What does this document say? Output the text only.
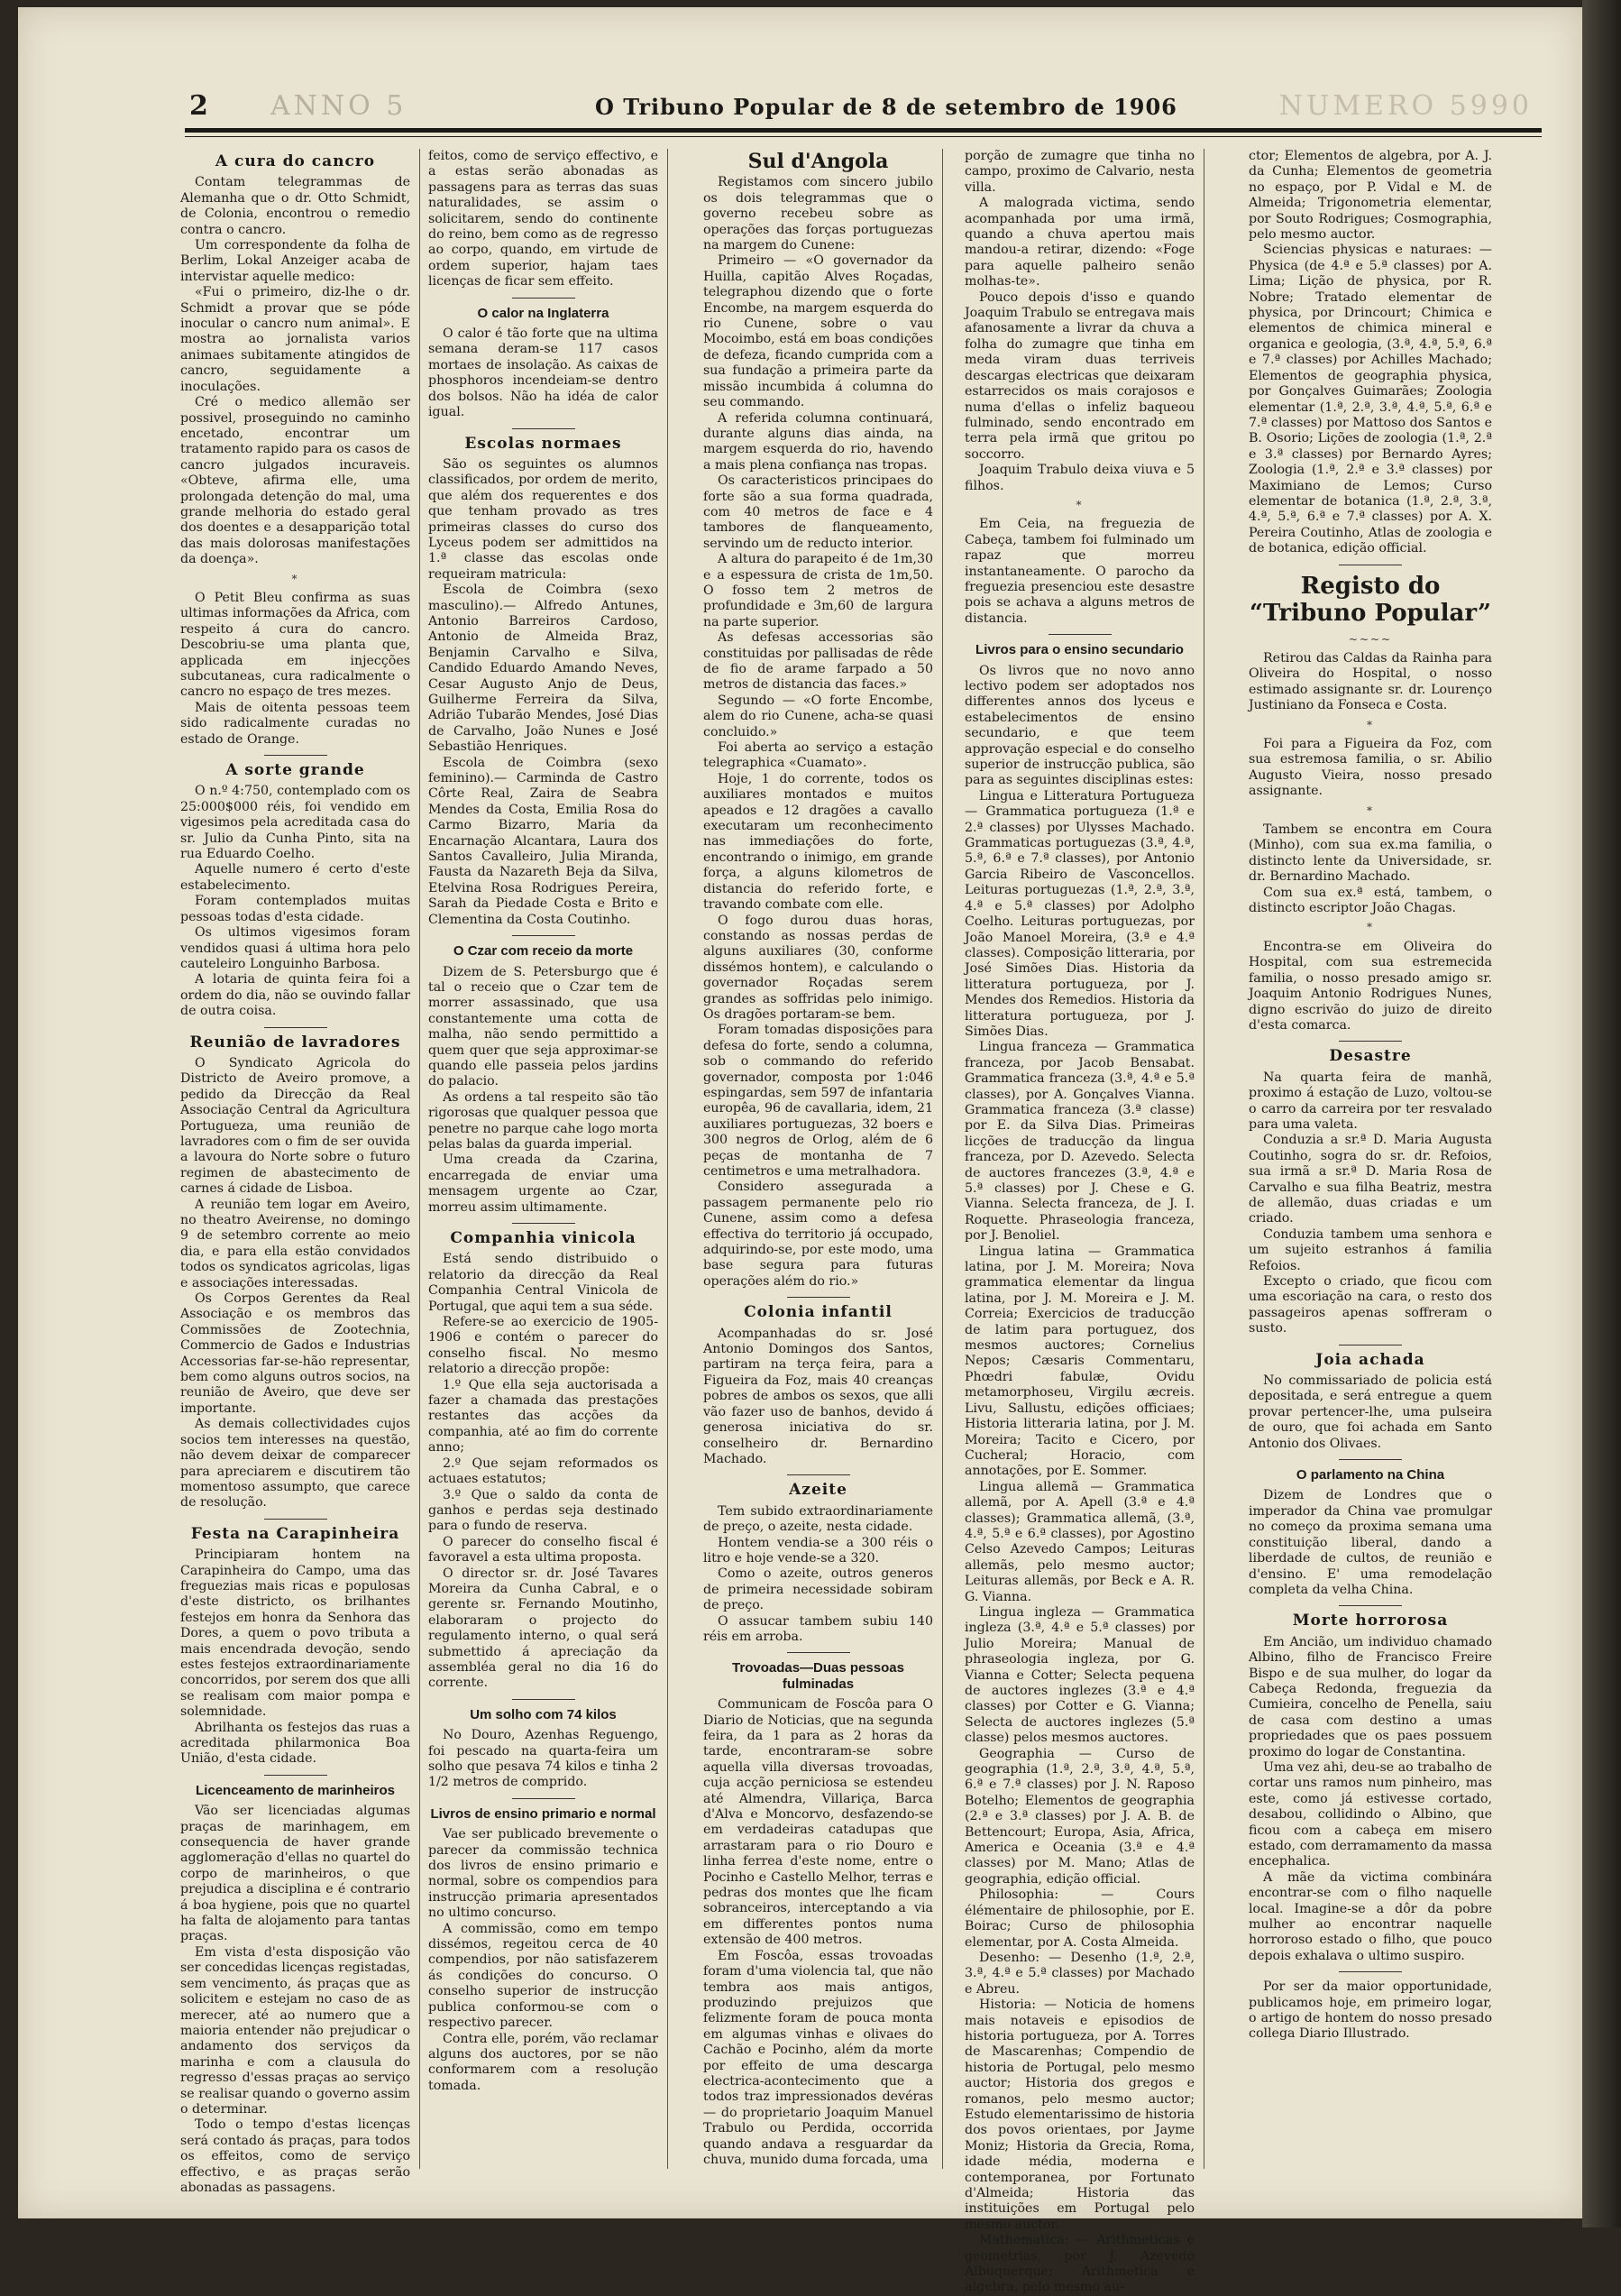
2 ANNO 5	O Tribuno Popular de 8 de setembro de 1906	NUMERO 5990
A cura do cancro

Contam telegrammas de Alemanha que o dr. Otto Schmidt, de Colonia, encontrou o remedio contra o cancro.

Um correspondente da folha de Berlim, Lokal Anzeiger acaba de intervistar aquelle medico:

«Fui o primeiro, diz-lhe o dr. Schmidt a provar que se póde inocular o cancro num animal». E mostra ao jornalista varios animaes subitamente atingidos de cancro, seguidamente a inoculações.

Cré o medico allemão ser possivel, proseguindo no caminho encetado, encontrar um tratamento rapido para os casos de cancro julgados incuraveis. «Obteve, afirma elle, uma prolongada detenção do mal, uma grande melhoria do estado geral dos doentes e a desapparição total das mais dolorosas manifestações da doença».

*

O Petit Bleu confirma as suas ultimas informações da Africa, com respeito á cura do cancro. Descobriu-se uma planta que, applicada em injecções subcutaneas, cura radicalmente o cancro no espaço de tres mezes.

Mais de oitenta pessoas teem sido radicalmente curadas no estado de Orange.

A sorte grande

O n.º 4:750, contemplado com os 25:000$000 réis, foi vendido em vigesimos pela acreditada casa do sr. Julio da Cunha Pinto, sita na rua Eduardo Coelho.

Aquelle numero é certo d'este estabelecimento.

Foram contemplados muitas pessoas todas d'esta cidade.

Os ultimos vigesimos foram vendidos quasi á ultima hora pelo cauteleiro Longuinho Barbosa.

A lotaria de quinta feira foi a ordem do dia, não se ouvindo fallar de outra coisa.

Reunião de lavradores

O Syndicato Agricola do Districto de Aveiro promove, a pedido da Direcção da Real Associação Central da Agricultura Portugueza, uma reunião de lavradores com o fim de ser ouvida a lavoura do Norte sobre o futuro regimen de abastecimento de carnes á cidade de Lisboa.

A reunião tem logar em Aveiro, no theatro Aveirense, no domingo 9 de setembro corrente ao meio dia, e para ella estão convidados todos os syndicatos agricolas, ligas e associações interessadas.

Os Corpos Gerentes da Real Associação e os membros das Commissões de Zootechnia, Commercio de Gados e Industrias Accessorias far-se-hão representar, bem como alguns outros socios, na reunião de Aveiro, que deve ser importante.

As demais collectividades cujos socios tem interesses na questão, não devem deixar de comparecer para apreciarem e discutirem tão momentoso assumpto, que carece de resolução.

Festa na Carapinheira

Principiaram hontem na Carapinheira do Campo, uma das freguezias mais ricas e populosas d'este districto, os brilhantes festejos em honra da Senhora das Dores, a quem o povo tributa a mais encendrada devoção, sendo estes festejos extraordinariamente concorridos, por serem dos que alli se realisam com maior pompa e solemnidade.

Abrilhanta os festejos das ruas a acreditada philarmonica Boa União, d'esta cidade.

Licenceamento de marinheiros

Vão ser licenciadas algumas praças de marinhagem, em consequencia de haver grande agglomeração d'ellas no quartel do corpo de marinheiros, o que prejudica a disciplina e é contrario á boa hygiene, pois que no quartel ha falta de alojamento para tantas praças.

Em vista d'esta disposição vão ser concedidas licenças registadas, sem vencimento, ás praças que as solicitem e estejam no caso de as merecer, até ao numero que a maioria entender não prejudicar o andamento dos serviços da marinha e com a clausula do regresso d'essas praças ao serviço se realisar quando o governo assim o determinar.

Todo o tempo d'estas licenças será contado ás praças, para todos os effeitos, como de serviço effectivo, e as praças serão abonadas as passagens.

feitos, como de serviço effectivo, e a estas serão abonadas as passagens para as terras das suas naturalidades, se assim o solicitarem, sendo do continente do reino, bem como as de regresso ao corpo, quando, em virtude de ordem superior, hajam taes licenças de ficar sem effeito.

O calor na Inglaterra

O calor é tão forte que na ultima semana deram-se 117 casos mortaes de insolação. As caixas de phosphoros incendeiam-se dentro dos bolsos. Não ha idéa de calor igual.

Escolas normaes

São os seguintes os alumnos classificados, por ordem de merito, que além dos requerentes e dos que tenham provado as tres primeiras classes do curso dos Lyceus podem ser admittidos na 1.ª classe das escolas onde requeiram matricula:

Escola de Coimbra (sexo masculino).— Alfredo Antunes, Antonio Barreiros Cardoso, Antonio de Almeida Braz, Benjamin Carvalho e Silva, Candido Eduardo Amando Neves, Cesar Augusto Anjo de Deus, Guilherme Ferreira da Silva, Adrião Tubarão Mendes, José Dias de Carvalho, João Nunes e José Sebastião Henriques.

Escola de Coimbra (sexo feminino).— Carminda de Castro Côrte Real, Zaira de Seabra Mendes da Costa, Emilia Rosa do Carmo Bizarro, Maria da Encarnação Alcantara, Laura dos Santos Cavalleiro, Julia Miranda, Fausta da Nazareth Beja da Silva, Etelvina Rosa Rodrigues Pereira, Sarah da Piedade Costa e Brito e Clementina da Costa Coutinho.

O Czar com receio da morte

Dizem de S. Petersburgo que é tal o receio que o Czar tem de morrer assassinado, que usa constantemente uma cotta de malha, não sendo permittido a quem quer que seja approximar-se quando elle passeia pelos jardins do palacio.

As ordens a tal respeito são tão rigorosas que qualquer pessoa que penetre no parque cahe logo morta pelas balas da guarda imperial.

Uma creada da Czarina, encarregada de enviar uma mensagem urgente ao Czar, morreu assim ultimamente.

Companhia vinicola

Está sendo distribuido o relatorio da direcção da Real Companhia Central Vinicola de Portugal, que aqui tem a sua séde.

Refere-se ao exercicio de 1905-1906 e contém o parecer do conselho fiscal. No mesmo relatorio a direcção propõe:

1.º Que ella seja auctorisada a fazer a chamada das prestações restantes das acções da companhia, até ao fim do corrente anno;

2.º Que sejam reformados os actuaes estatutos;

3.º Que o saldo da conta de ganhos e perdas seja destinado para o fundo de reserva.

O parecer do conselho fiscal é favoravel a esta ultima proposta.

O director sr. dr. José Tavares Moreira da Cunha Cabral, e o gerente sr. Fernando Moutinho, elaboraram o projecto do regulamento interno, o qual será submettido á apreciação da assembléa geral no dia 16 do corrente.

Um solho com 74 kilos

No Douro, Azenhas Reguengo, foi pescado na quarta-feira um solho que pesava 74 kilos e tinha 2 1/2 metros de comprido.

Livros de ensino primario e normal

Vae ser publicado brevemente o parecer da commissão technica dos livros de ensino primario e normal, sobre os compendios para instrucção primaria apresentados no ultimo concurso.

A commissão, como em tempo dissémos, regeitou cerca de 40 compendios, por não satisfazerem ás condições do concurso. O conselho superior de instrucção publica conformou-se com o respectivo parecer.

Contra elle, porém, vão reclamar alguns dos auctores, por se não conformarem com a resolução tomada.

Sul d'Angola

Registamos com sincero jubilo os dois telegrammas que o governo recebeu sobre as operações das forças portuguezas na margem do Cunene:

Primeiro — «O governador da Huilla, capitão Alves Roçadas, telegraphou dizendo que o forte Encombe, na margem esquerda do rio Cunene, sobre o vau Mocoimbo, está em boas condições de defeza, ficando cumprida com a sua fundação a primeira parte da missão incumbida á columna do seu commando.

A referida columna continuará, durante alguns dias ainda, na margem esquerda do rio, havendo a mais plena confiança nas tropas.

Os caracteristicos principaes do forte são a sua forma quadrada, com 40 metros de face e 4 tambores de flanqueamento, servindo um de reducto interior.

A altura do parapeito é de 1m,30 e a espessura de crista de 1m,50. O fosso tem 2 metros de profundidade e 3m,60 de largura na parte superior.

As defesas accessorias são constituidas por pallisadas de rêde de fio de arame farpado a 50 metros de distancia das faces.»

Segundo — «O forte Encombe, alem do rio Cunene, acha-se quasi concluido.»

Foi aberta ao serviço a estação telegraphica «Cuamato».

Hoje, 1 do corrente, todos os auxiliares montados e muitos apeados e 12 dragões a cavallo executaram um reconhecimento nas immediações do forte, encontrando o inimigo, em grande força, a alguns kilometros de distancia do referido forte, e travando combate com elle.

O fogo durou duas horas, constando as nossas perdas de alguns auxiliares (30, conforme dissémos hontem), e calculando o governador Roçadas serem grandes as soffridas pelo inimigo. Os dragões portaram-se bem.

Foram tomadas disposições para defesa do forte, sendo a columna, sob o commando do referido governador, composta por 1:046 espingardas, sem 597 de infantaria europêa, 96 de cavallaria, idem, 21 auxiliares portuguezas, 32 boers e 300 negros de Orlog, além de 6 peças de montanha de 7 centimetros e uma metralhadora.

Considero assegurada a passagem permanente pelo rio Cunene, assim como a defesa effectiva do territorio já occupado, adquirindo-se, por este modo, uma base segura para futuras operações além do rio.»

Colonia infantil

Acompanhadas do sr. José Antonio Domingos dos Santos, partiram na terça feira, para a Figueira da Foz, mais 40 creanças pobres de ambos os sexos, que alli vão fazer uso de banhos, devido á generosa iniciativa do sr. conselheiro dr. Bernardino Machado.

Azeite

Tem subido extraordinariamente de preço, o azeite, nesta cidade.

Hontem vendia-se a 300 réis o litro e hoje vende-se a 320.

Como o azeite, outros generos de primeira necessidade sobiram de preço.

O assucar tambem subiu 140 réis em arroba.

Trovoadas—Duas pessoas fulminadas

Communicam de Foscôa para O Diario de Noticias, que na segunda feira, da 1 para as 2 horas da tarde, encontraram-se sobre aquella villa diversas trovoadas, cuja acção perniciosa se estendeu até Almendra, Villariça, Barca d'Alva e Moncorvo, desfazendo-se em verdadeiras catadupas que arrastaram para o rio Douro e linha ferrea d'este nome, entre o Pocinho e Castello Melhor, terras e pedras dos montes que lhe ficam sobranceiros, interceptando a via em differentes pontos numa extensão de 400 metros.

Em Foscôa, essas trovoadas foram d'uma violencia tal, que não tembra aos mais antigos, produzindo prejuizos que felizmente foram de pouca monta em algumas vinhas e olivaes do Cachão e Pocinho, além da morte por effeito de uma descarga electrica-acontecimento que a todos traz impressionados devéras — do proprietario Joaquim Manuel Trabulo ou Perdida, occorrida quando andava a resguardar da chuva, munido duma forcada, uma

porção de zumagre que tinha no campo, proximo de Calvario, nesta villa.

A malograda victima, sendo acompanhada por uma irmã, quando a chuva apertou mais mandou-a retirar, dizendo: «Foge para aquelle palheiro senão molhas-te».

Pouco depois d'isso e quando Joaquim Trabulo se entregava mais afanosamente a livrar da chuva a folha do zumagre que tinha em meda viram duas terriveis descargas electricas que deixaram estarrecidos os mais corajosos e numa d'ellas o infeliz baqueou fulminado, sendo encontrado em terra pela irmã que gritou po soccorro.

Joaquim Trabulo deixa viuva e 5 filhos.

*

Em Ceia, na freguezia de Cabeça, tambem foi fulminado um rapaz que morreu instantaneamente. O parocho da freguezia presenciou este desastre pois se achava a alguns metros de distancia.

Livros para o ensino secundario

Os livros que no novo anno lectivo podem ser adoptados nos differentes annos dos lyceus e estabelecimentos de ensino secundario, e que teem approvação especial e do conselho superior de instrucção publica, são para as seguintes disciplinas estes:

Lingua e Litteratura Portugueza — Grammatica portugueza (1.ª e 2.ª classes) por Ulysses Machado. Grammaticas portuguezas (3.ª, 4.ª, 5.ª, 6.ª e 7.ª classes), por Antonio Garcia Ribeiro de Vasconcellos. Leituras portuguezas (1.ª, 2.ª, 3.ª, 4.ª e 5.ª classes) por Adolpho Coelho. Leituras portuguezas, por João Manoel Moreira, (3.ª e 4.ª classes). Composição litteraria, por José Simões Dias. Historia da litteratura portugueza, por J. Mendes dos Remedios. Historia da litteratura portugueza, por J. Simões Dias.

Lingua franceza — Grammatica franceza, por Jacob Bensabat. Grammatica franceza (3.ª, 4.ª e 5.ª classes), por A. Gonçalves Vianna. Grammatica franceza (3.ª classe) por E. da Silva Dias. Primeiras licções de traducção da lingua franceza, por D. Azevedo. Selecta de auctores francezes (3.ª, 4.ª e 5.ª classes) por J. Chese e G. Vianna. Selecta franceza, de J. I. Roquette. Phraseologia franceza, por J. Benoliel.

Lingua latina — Grammatica latina, por J. M. Moreira; Nova grammatica elementar da lingua latina, por J. M. Moreira e J. M. Correia; Exercicios de traducção de latim para portuguez, dos mesmos auctores; Cornelius Nepos; Cæsaris Commentaru, Phœdri fabulæ, Ovidu metamorphoseu, Virgilu æcreis. Livu, Sallustu, edições officiaes; Historia litteraria latina, por J. M. Moreira; Tacito e Cicero, por Cucheral; Horacio, com annotações, por E. Sommer.

Lingua allemã — Grammatica allemã, por A. Apell (3.ª e 4.ª classes); Grammatica allemã, (3.ª, 4.ª, 5.ª e 6.ª classes), por Agostino Celso Azevedo Campos; Leituras allemãs, pelo mesmo auctor; Leituras allemãs, por Beck e A. R. G. Vianna.

Lingua ingleza — Grammatica ingleza (3.ª, 4.ª e 5.ª classes) por Julio Moreira; Manual de phraseologia ingleza, por G. Vianna e Cotter; Selecta pequena de auctores inglezes (3.ª e 4.ª classes) por Cotter e G. Vianna; Selecta de auctores inglezes (5.ª classe) pelos mesmos auctores.

Geographia — Curso de geographia (1.ª, 2.ª, 3.ª, 4.ª, 5.ª, 6.ª e 7.ª classes) por J. N. Raposo Botelho; Elementos de geographia (2.ª e 3.ª classes) por J. A. B. de Bettencourt; Europa, Asia, Africa, America e Oceania (3.ª e 4.ª classes) por M. Mano; Atlas de geographia, edição official.

Philosophia: — Cours élémentaire de philosophie, por E. Boirac; Curso de philosophia elementar, por A. Costa Almeida.

Desenho: — Desenho (1.ª, 2.ª, 3.ª, 4.ª e 5.ª classes) por Machado e Abreu.

Historia: — Noticia de homens mais notaveis e episodios de historia portugueza, por A. Torres de Mascarenhas; Compendio de historia de Portugal, pelo mesmo auctor; Historia dos gregos e romanos, pelo mesmo auctor; Estudo elementarissimo de historia dos povos orientaes, por Jayme Moniz; Historia da Grecia, Roma, idade média, moderna e contemporanea, por Fortunato d'Almeida; Historia das instituições em Portugal pelo mesmo auctor.

Mathematica: — Arithmeticas e geometrias, por J. Azevedo Albuquerque; Arithmetica e algebra, pelo mesmo au-

ctor; Elementos de algebra, por A. J. da Cunha; Elementos de geometria no espaço, por P. Vidal e M. de Almeida; Trigonometria elementar, por Souto Rodrigues; Cosmographia, pelo mesmo auctor.

Sciencias physicas e naturaes: — Physica (de 4.ª e 5.ª classes) por A. Lima; Lição de physica, por R. Nobre; Tratado elementar de physica, por Drincourt; Chimica e elementos de chimica mineral e organica e geologia, (3.ª, 4.ª, 5.ª, 6.ª e 7.ª classes) por Achilles Machado; Elementos de geographia physica, por Gonçalves Guimarães; Zoologia elementar (1.ª, 2.ª, 3.ª, 4.ª, 5.ª, 6.ª e 7.ª classes) por Mattoso dos Santos e B. Osorio; Lições de zoologia (1.ª, 2.ª e 3.ª classes) por Bernardo Ayres; Zoologia (1.ª, 2.ª e 3.ª classes) por Maximiano de Lemos; Curso elementar de botanica (1.ª, 2.ª, 3.ª, 4.ª, 5.ª, 6.ª e 7.ª classes) por A. X. Pereira Coutinho, Atlas de zoologia e de botanica, edição official.

Registo do “Tribuno Popular”
~~~~

Retirou das Caldas da Rainha para Oliveira do Hospital, o nosso estimado assignante sr. dr. Lourenço Justiniano da Fonseca e Costa.

*

Foi para a Figueira da Foz, com sua estremosa familia, o sr. Abilio Augusto Vieira, nosso presado assignante.

*

Tambem se encontra em Coura (Minho), com sua ex.ma familia, o distincto lente da Universidade, sr. dr. Bernardino Machado.

Com sua ex.ª está, tambem, o distincto escriptor João Chagas.

*

Encontra-se em Oliveira do Hospital, com sua estremecida familia, o nosso presado amigo sr. Joaquim Antonio Rodrigues Nunes, digno escrivão do juizo de direito d'esta comarca.

Desastre

Na quarta feira de manhã, proximo á estação de Luzo, voltou-se o carro da carreira por ter resvalado para uma valeta.

Conduzia a sr.ª D. Maria Augusta Coutinho, sogra do sr. dr. Refoios, sua irmã a sr.ª D. Maria Rosa de Carvalho e sua filha Beatriz, mestra de allemão, duas criadas e um criado.

Conduzia tambem uma senhora e um sujeito estranhos á familia Refoios.

Excepto o criado, que ficou com uma escoriação na cara, o resto dos passageiros apenas soffreram o susto.

Joia achada

No commissariado de policia está depositada, e será entregue a quem provar pertencer-lhe, uma pulseira de ouro, que foi achada em Santo Antonio dos Olivaes.

O parlamento na China

Dizem de Londres que o imperador da China vae promulgar no começo da proxima semana uma constituição liberal, dando a liberdade de cultos, de reunião e d'ensino. E' uma remodelação completa da velha China.

Morte horrorosa

Em Ancião, um individuo chamado Albino, filho de Francisco Freire Bispo e de sua mulher, do logar da Cabeça Redonda, freguezia da Cumieira, concelho de Penella, saiu de casa com destino a umas propriedades que os paes possuem proximo do logar de Constantina.

Uma vez ahi, deu-se ao trabalho de cortar uns ramos num pinheiro, mas este, como já estivesse cortado, desabou, collidindo o Albino, que ficou com a cabeça em misero estado, com derramamento da massa encephalica.

A mãe da victima combinára encontrar-se com o filho naquelle local. Imagine-se a dôr da pobre mulher ao encontrar naquelle horroroso estado o filho, que pouco depois exhalava o ultimo suspiro.

Por ser da maior opportunidade, publicamos hoje, em primeiro logar, o artigo de hontem do nosso presado collega Diario Illustrado.
